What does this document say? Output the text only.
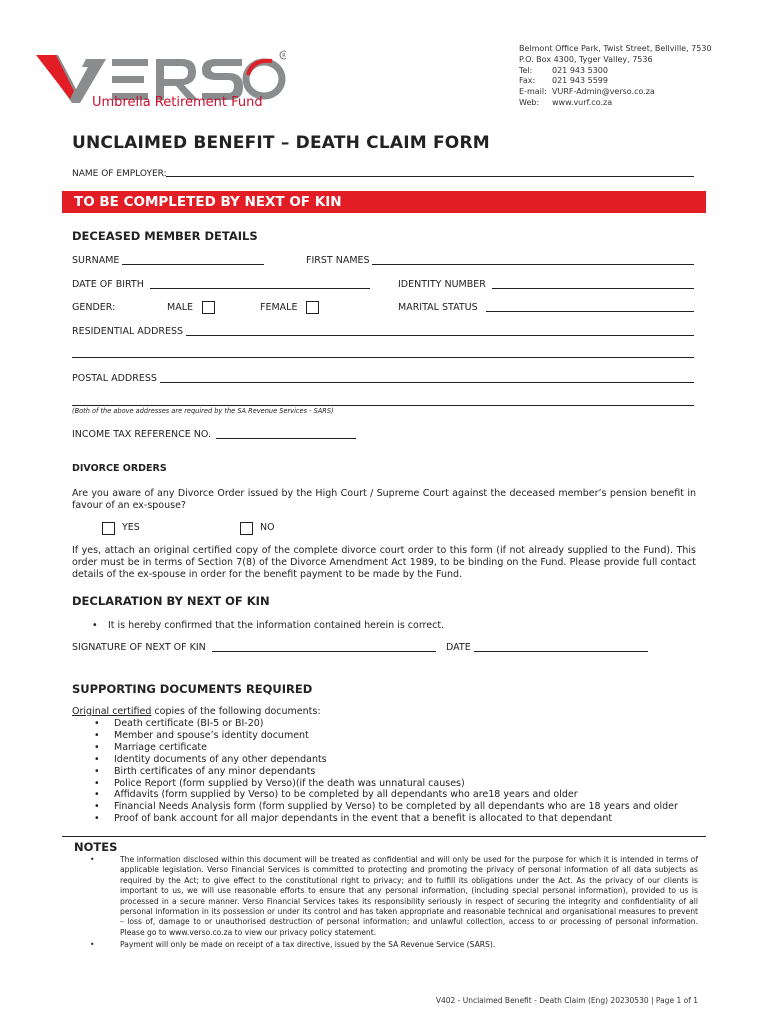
R
Umbrella Retirement Fund
Belmont Office Park, Twist Street, Bellville, 7530
P.O. Box 4300, Tyger Valley, 7536
Tel: 021 943 5300
Fax: 021 943 5599
E-mail: VURF-Admin@verso.co.za
Web: www.vurf.co.za
UNCLAIMED BENEFIT – DEATH CLAIM FORM
NAME OF EMPLOYER:
TO BE COMPLETED BY NEXT OF KIN
DECEASED MEMBER DETAILS
SURNAME	FIRST NAMES
DATE OF BIRTH	IDENTITY NUMBER
GENDER:	MALE	FEMALE	MARITAL STATUS
RESIDENTIAL ADDRESS
POSTAL ADDRESS
(Both of the above addresses are required by the SA Revenue Services - SARS)
INCOME TAX REFERENCE NO.
DIVORCE ORDERS
Are you aware of any Divorce Order issued by the High Court / Supreme Court against the deceased member’s pension benefit in favour of an ex-spouse?
YES	NO
If yes, attach an original certified copy of the complete divorce court order to this form (if not already supplied to the Fund). This order must be in terms of Section 7(8) of the Divorce Amendment Act 1989, to be binding on the Fund. Please provide full contact details of the ex-spouse in order for the benefit payment to be made by the Fund.
DECLARATION BY NEXT OF KIN
• It is hereby confirmed that the information contained herein is correct.
SIGNATURE OF NEXT OF KIN	DATE
SUPPORTING DOCUMENTS REQUIRED
Original certified copies of the following documents:
• Death certificate (BI-5 or BI-20)
• Member and spouse’s identity document
• Marriage certificate
• Identity documents of any other dependants
• Birth certificates of any minor dependants
• Police Report (form supplied by Verso)(if the death was unnatural causes)
• Affidavits (form supplied by Verso) to be completed by all dependants who are18 years and older
• Financial Needs Analysis form (form supplied by Verso) to be completed by all dependants who are 18 years and older
• Proof of bank account for all major dependants in the event that a benefit is allocated to that dependant
NOTES
• The information disclosed within this document will be treated as confidential and will only be used for the purpose for which it is intended in terms of applicable legislation. Verso Financial Services is committed to protecting and promoting the privacy of personal information of all data subjects as required by the Act; to give effect to the constitutional right to privacy; and to fulfill its obligations under the Act. As the privacy of our clients is important to us, we will use reasonable efforts to ensure that any personal information, (including special personal information), provided to us is processed in a secure manner. Verso Financial Services takes its responsibility seriously in respect of securing the integrity and confidentiality of all personal information in its possession or under its control and has taken appropriate and reasonable technical and organisational measures to prevent – loss of, damage to or unauthorised destruction of personal information; and unlawful collection, access to or processing of personal information. Please go to www.verso.co.za to view our privacy policy statement.
• Payment will only be made on receipt of a tax directive, issued by the SA Revenue Service (SARS).
V402 - Unclaimed Benefit - Death Claim (Eng) 20230530 | Page 1 of 1
